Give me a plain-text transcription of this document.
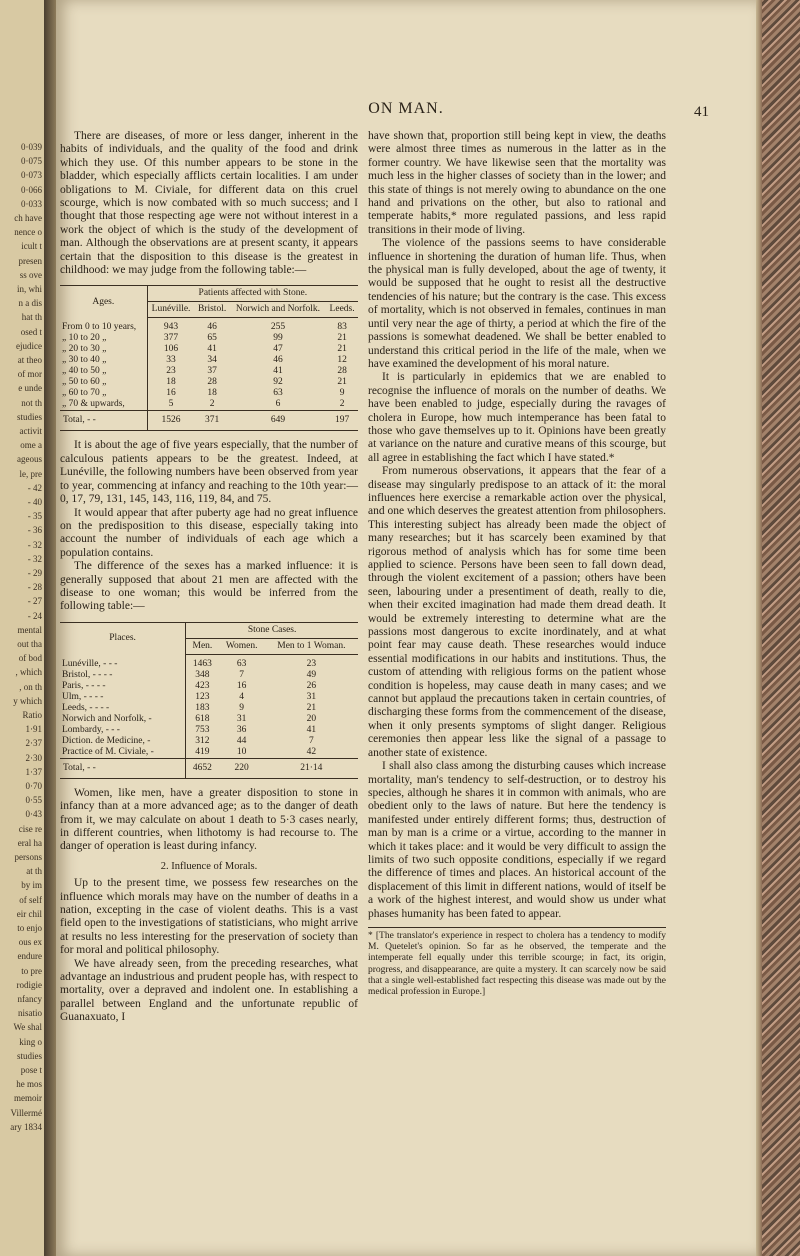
0·039
0·075
0·073
0·066
0·033
ch have
nence o
icult t
presen
ss ove
in, whi
n a dis
hat th
osed t
ejudice
at theo
of mor
e unde
not th
studies
activit
ome a
ageous
le, pre
- 42
- 40
- 35
- 36
- 32
- 32
- 29
- 28
- 27
- 24
mental
out tha
of bod
, which
, on th
y which
Ratio
1·91
2·37
2·30
1·37
0·70
0·55
0·43
cise re
eral ha
persons
at th
by im
of self
eir chil
to enjo
ous ex
endure
to pre
rodigie
nfancy
nisatio
We shal
king o
studies
pose t
he mos
memoir
Villermé
ary 1834
ON MAN.	41

There are diseases, of more or less danger, inherent in the habits of individuals, and the quality of the food and drink which they use. Of this number appears to be stone in the bladder, which especially afflicts certain localities. I am under obligations to M. Civiale, for different data on this cruel scourge, which is now combated with so much success; and I thought that those respecting age were not without interest in a work the object of which is the study of the development of man. Although the observations are at present scanty, it appears certain that the disposition to this disease is the greatest in childhood: we may judge from the following table:—

Ages.	Patients affected with Stone.			
	Lunéville.	Bristol.	Norwich and Norfolk.	Leeds.
From 0 to 10 years,	943	46	255	83
„ 10 to 20 „	377	65	99	21
„ 20 to 30 „	106	41	47	21
„ 30 to 40 „	33	34	46	12
„ 40 to 50 „	23	37	41	28
„ 50 to 60 „	18	28	92	21
„ 60 to 70 „	16	18	63	9
„ 70 & upwards,	5	2	6	2
Total, - -	1526	371	649	197

It is about the age of five years especially, that the number of calculous patients appears to be the greatest. Indeed, at Lunéville, the following numbers have been observed from year to year, commencing at infancy and reaching to the 10th year:—0, 17, 79, 131, 145, 143, 116, 119, 84, and 75.

It would appear that after puberty age had no great influence on the predisposition to this disease, especially taking into account the number of individuals of each age which a population contains.

The difference of the sexes has a marked influence: it is generally supposed that about 21 men are affected with the disease to one woman; this would be inferred from the following table:—

Places.	Stone Cases.		
	Men.	Women.	Men to 1 Woman.
Lunéville, - - -	1463	63	23
Bristol, - - - -	348	7	49
Paris, - - - -	423	16	26
Ulm, - - - -	123	4	31
Leeds, - - - -	183	9	21
Norwich and Norfolk, -	618	31	20
Lombardy, - - -	753	36	41
Diction. de Medicine, -	312	44	7
Practice of M. Civiale, -	419	10	42
Total, - -	4652	220	21·14

Women, like men, have a greater disposition to stone in infancy than at a more advanced age; as to the danger of death from it, we may calculate on about 1 death to 5·3 cases nearly, in different countries, when lithotomy is had recourse to. The danger of operation is least during infancy.

2. Influence of Morals.

Up to the present time, we possess few researches on the influence which morals may have on the number of deaths in a nation, excepting in the case of violent deaths. This is a vast field open to the investigations of statisticians, who might arrive at results no less interesting for the preservation of society than for moral and political philosophy.

We have already seen, from the preceding researches, what advantage an industrious and prudent people has, with respect to mortality, over a depraved and indolent one. In establishing a parallel between England and the unfortunate republic of Guanaxuato, I

have shown that, proportion still being kept in view, the deaths were almost three times as numerous in the latter as in the former country. We have likewise seen that the mortality was much less in the higher classes of society than in the lower; and this state of things is not merely owing to abundance on the one hand and privations on the other, but also to rational and temperate habits,* more regulated passions, and less rapid transitions in their mode of living.

The violence of the passions seems to have considerable influence in shortening the duration of human life. Thus, when the physical man is fully developed, about the age of twenty, it would be supposed that he ought to resist all the destructive tendencies of his nature; but the contrary is the case. This excess of mortality, which is not observed in females, continues in man until very near the age of thirty, a period at which the fire of the passions is somewhat deadened. We shall be better enabled to understand this critical period in the life of the male, when we have examined the development of his moral nature.

It is particularly in epidemics that we are enabled to recognise the influence of morals on the number of deaths. We have been enabled to judge, especially during the ravages of cholera in Europe, how much intemperance has been fatal to those who gave themselves up to it. Opinions have been greatly at variance on the nature and curative means of this scourge, but all agree in establishing the fact which I have stated.*

From numerous observations, it appears that the fear of a disease may singularly predispose to an attack of it: the moral influences here exercise a remarkable action over the physical, and one which deserves the greatest attention from philosophers. This interesting subject has already been made the object of many researches; but it has scarcely been examined by that rigorous method of analysis which has for some time been applied to science. Persons have been seen to fall down dead, through the violent excitement of a passion; others have been seen, labouring under a presentiment of death, really to die, when their excited imagination had made them dread death. It would be extremely interesting to determine what are the passions most dangerous to excite inordinately, and at what point fear may cause death. These researches would induce essential modifications in our habits and institutions. Thus, the custom of attending with religious forms on the patient whose condition is hopeless, may cause death in many cases; and we cannot but applaud the precautions taken in certain countries, of discharging these forms from the commencement of the disease, when it only presents symptoms of slight danger. Religious ceremonies then appear less like the signal of a passage to another state of existence.

I shall also class among the disturbing causes which increase mortality, man's tendency to self-destruction, or to destroy his species, although he shares it in common with animals, who are obedient only to the laws of nature. But here the tendency is manifested under entirely different forms; thus, destruction of man by man is a crime or a virtue, according to the manner in which it takes place: and it would be very difficult to assign the limits of two such opposite conditions, especially if we regard the difference of times and places. An historical account of the displacement of this limit in different nations, would of itself be a work of the highest interest, and would show us under what phases humanity has been fated to appear.

* [The translator's experience in respect to cholera has a tendency to modify M. Quetelet's opinion. So far as he observed, the temperate and the intemperate fell equally under this terrible scourge; in fact, its origin, progress, and disappearance, are quite a mystery. It can scarcely now be said that a single well-established fact respecting this disease was made out by the medical profession in Europe.]
